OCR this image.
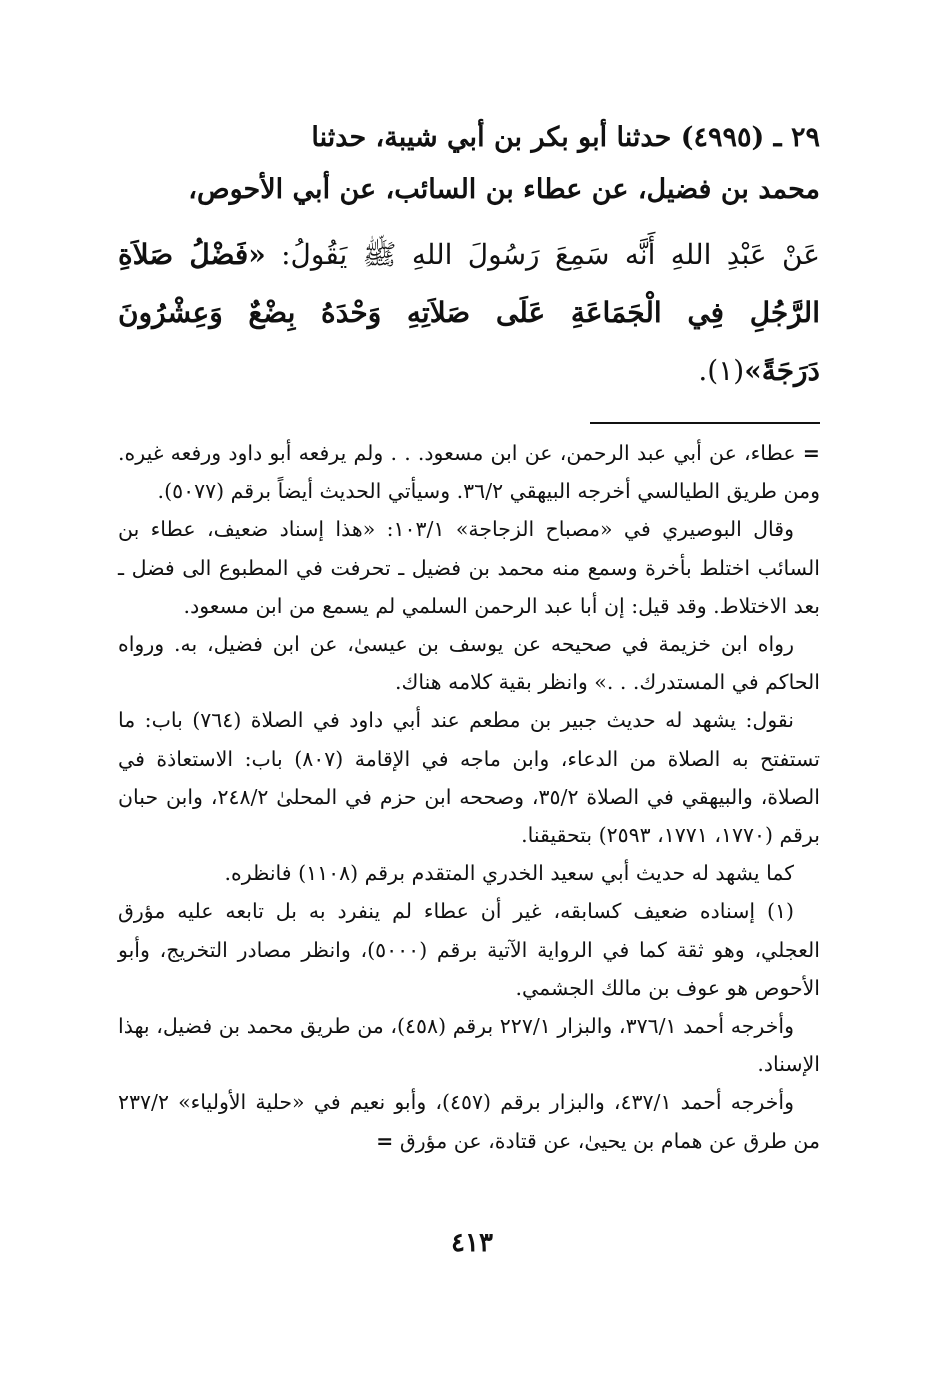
٢٩ ـ (٤٩٩٥) حدثنا أبو بكر بن أبي شيبة، حدثنا
محمد بن فضيل، عن عطاء بن السائب، عن أبي الأحوص،

عَنْ عَبْدِ اللهِ أَنَّه سَمِعَ رَسُولَ اللهِ ﷺ يَقُولُ: «فَضْلُ صَلاَةِ الرَّجُلِ فِي الْجَمَاعَةِ عَلَى صَلاَتِهِ وَحْدَهُ بِضْعٌ وَعِشْرُونَ دَرَجَةً»(١).

= عطاء، عن أبي عبد الرحمن، عن ابن مسعود. . . ولم يرفعه أبو داود ورفعه غيره. ومن طريق الطيالسي أخرجه البيهقي ٣٦/٢. وسيأتي الحديث أيضاً برقم (٥٠٧٧).

وقال البوصيري في «مصباح الزجاجة» ١٠٣/١: «هذا إسناد ضعيف، عطاء بن السائب اختلط بأخرة وسمع منه محمد بن فضيل ـ تحرفت في المطبوع الى فضل ـ بعد الاختلاط. وقد قيل: إن أبا عبد الرحمن السلمي لم يسمع من ابن مسعود.

رواه ابن خزيمة في صحيحه عن يوسف بن عيسىٰ، عن ابن فضيل، به. ورواه الحاكم في المستدرك. . .» وانظر بقية كلامه هناك.

نقول: يشهد له حديث جبير بن مطعم عند أبي داود في الصلاة (٧٦٤) باب: ما تستفتح به الصلاة من الدعاء، وابن ماجه في الإقامة (٨٠٧) باب: الاستعاذة في الصلاة، والبيهقي في الصلاة ٣٥/٢، وصححه ابن حزم في المحلىٰ ٢٤٨/٢، وابن حبان برقم (١٧٧٠، ١٧٧١، ٢٥٩٣) بتحقيقنا.

كما يشهد له حديث أبي سعيد الخدري المتقدم برقم (١١٠٨) فانظره.

(١) إسناده ضعيف كسابقه، غير أن عطاء لم ينفرد به بل تابعه عليه مؤرق العجلي، وهو ثقة كما في الرواية الآتية برقم (٥٠٠٠)، وانظر مصادر التخريج، وأبو الأحوص هو عوف بن مالك الجشمي.

وأخرجه أحمد ٣٧٦/١، والبزار ٢٢٧/١ برقم (٤٥٨)، من طريق محمد بن فضيل، بهذا الإسناد.

وأخرجه أحمد ٤٣٧/١، والبزار برقم (٤٥٧)، وأبو نعيم في «حلية الأولياء» ٢٣٧/٢ من طرق عن همام بن يحيىٰ، عن قتادة، عن مؤرق =

٤١٣
